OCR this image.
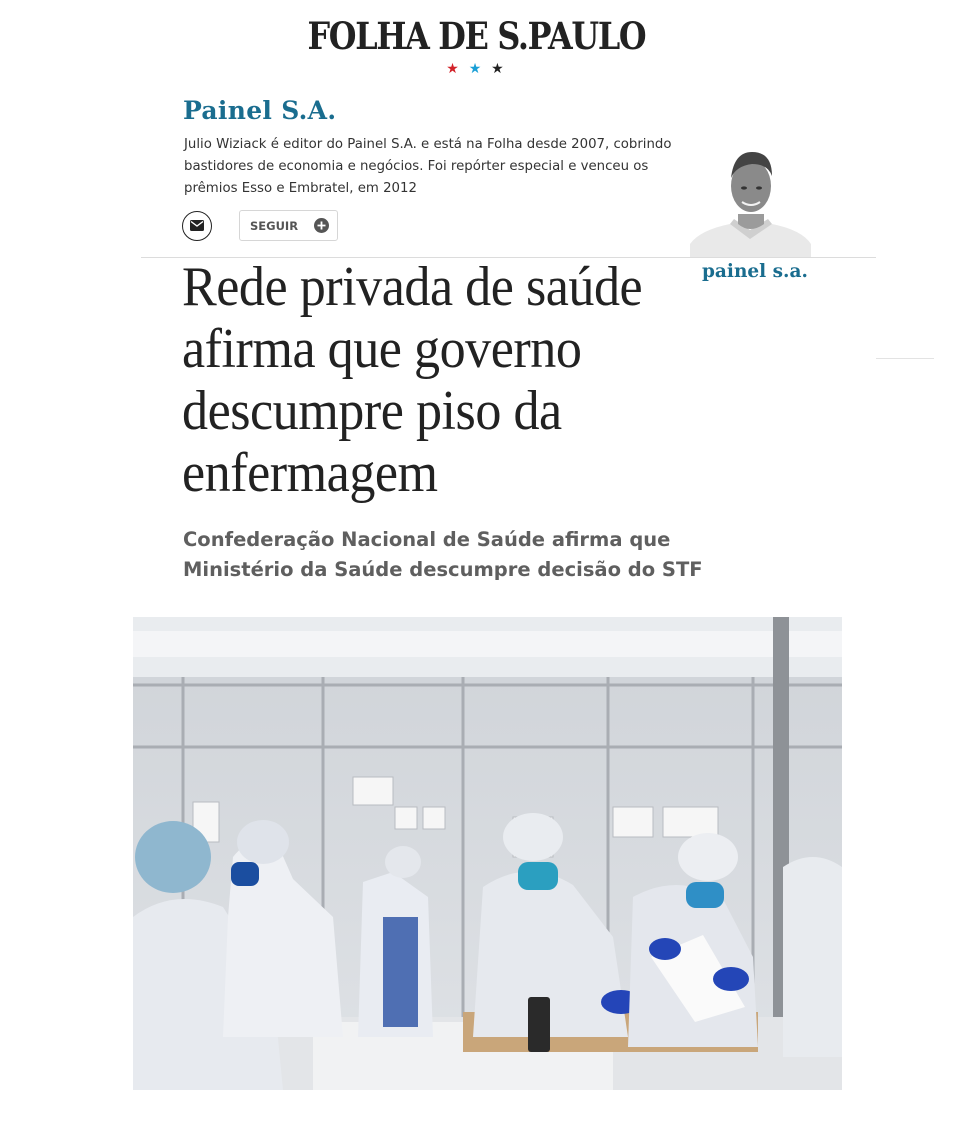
FOLHA DE S.PAULO
★ ★ ★
Painel S.A.

Julio Wiziack é editor do Painel S.A. e está na Folha desde 2007, cobrindo bastidores de economia e negócios. Foi repórter especial e venceu os prêmios Esso e Embratel, em 2012

SEGUIR
painel s.a.
Rede privada de saúde afirma que governo descumpre piso da enfermagem
Confederação Nacional de Saúde afirma que Ministério da Saúde descumpre decisão do STF
